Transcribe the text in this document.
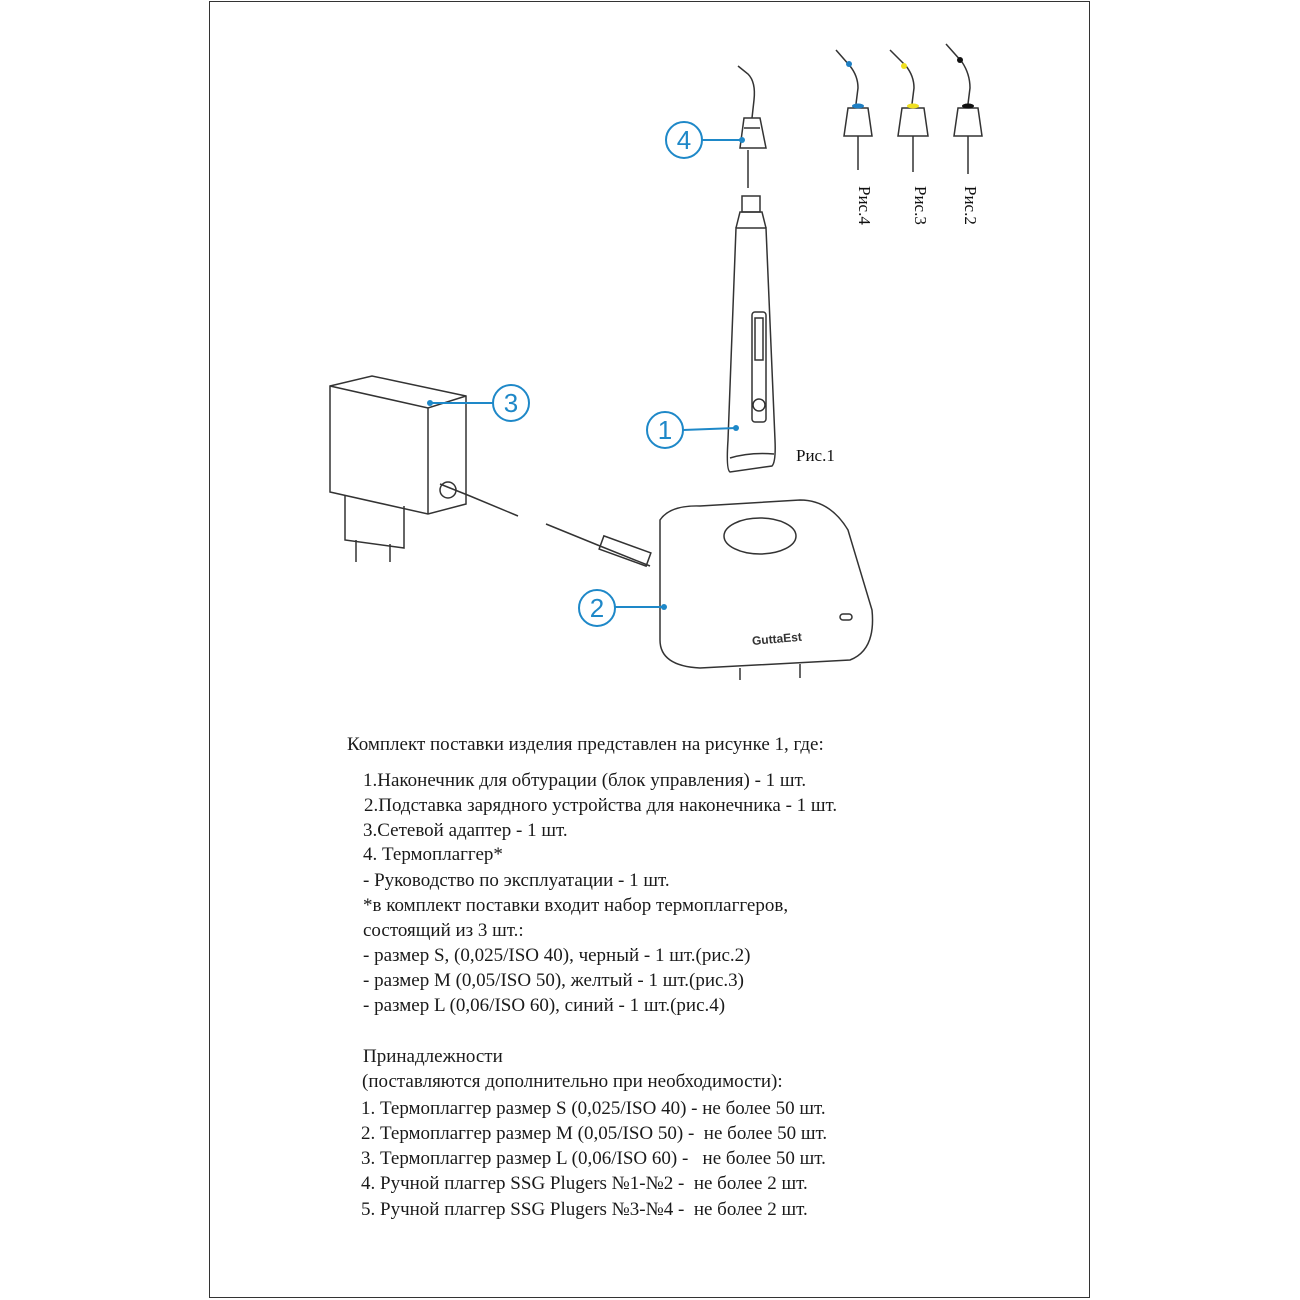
GuttaEst
4
1
3
2
Рис.1
Рис.4 Рис.3 Рис.2
Комплект поставки изделия представлен на рисунке 1, где:
1.Наконечник для обтурации (блок управления) - 1 шт.
2.Подставка зарядного устройства для наконечника - 1 шт.
3.Сетевой адаптер - 1 шт.
4. Термоплаггер*
- Руководство по эксплуатации - 1 шт.
*в комплект поставки входит набор термоплаггеров,
состоящий из 3 шт.:
- размер S, (0,025/ISO 40), черный - 1 шт.(рис.2)
- размер M (0,05/ISO 50), желтый - 1 шт.(рис.3)
- размер L (0,06/ISO 60), синий - 1 шт.(рис.4)
Принадлежности
(поставляются дополнительно при необходимости):
1. Термоплаггер размер S (0,025/ISO 40) - не более 50 шт.
2. Термоплаггер размер M (0,05/ISO 50) -  не более 50 шт.
3. Термоплаггер размер L (0,06/ISO 60) -   не более 50 шт.
4. Ручной плаггер SSG Plugers №1-№2 -  не более 2 шт.
5. Ручной плаггер SSG Plugers №3-№4 -  не более 2 шт.
